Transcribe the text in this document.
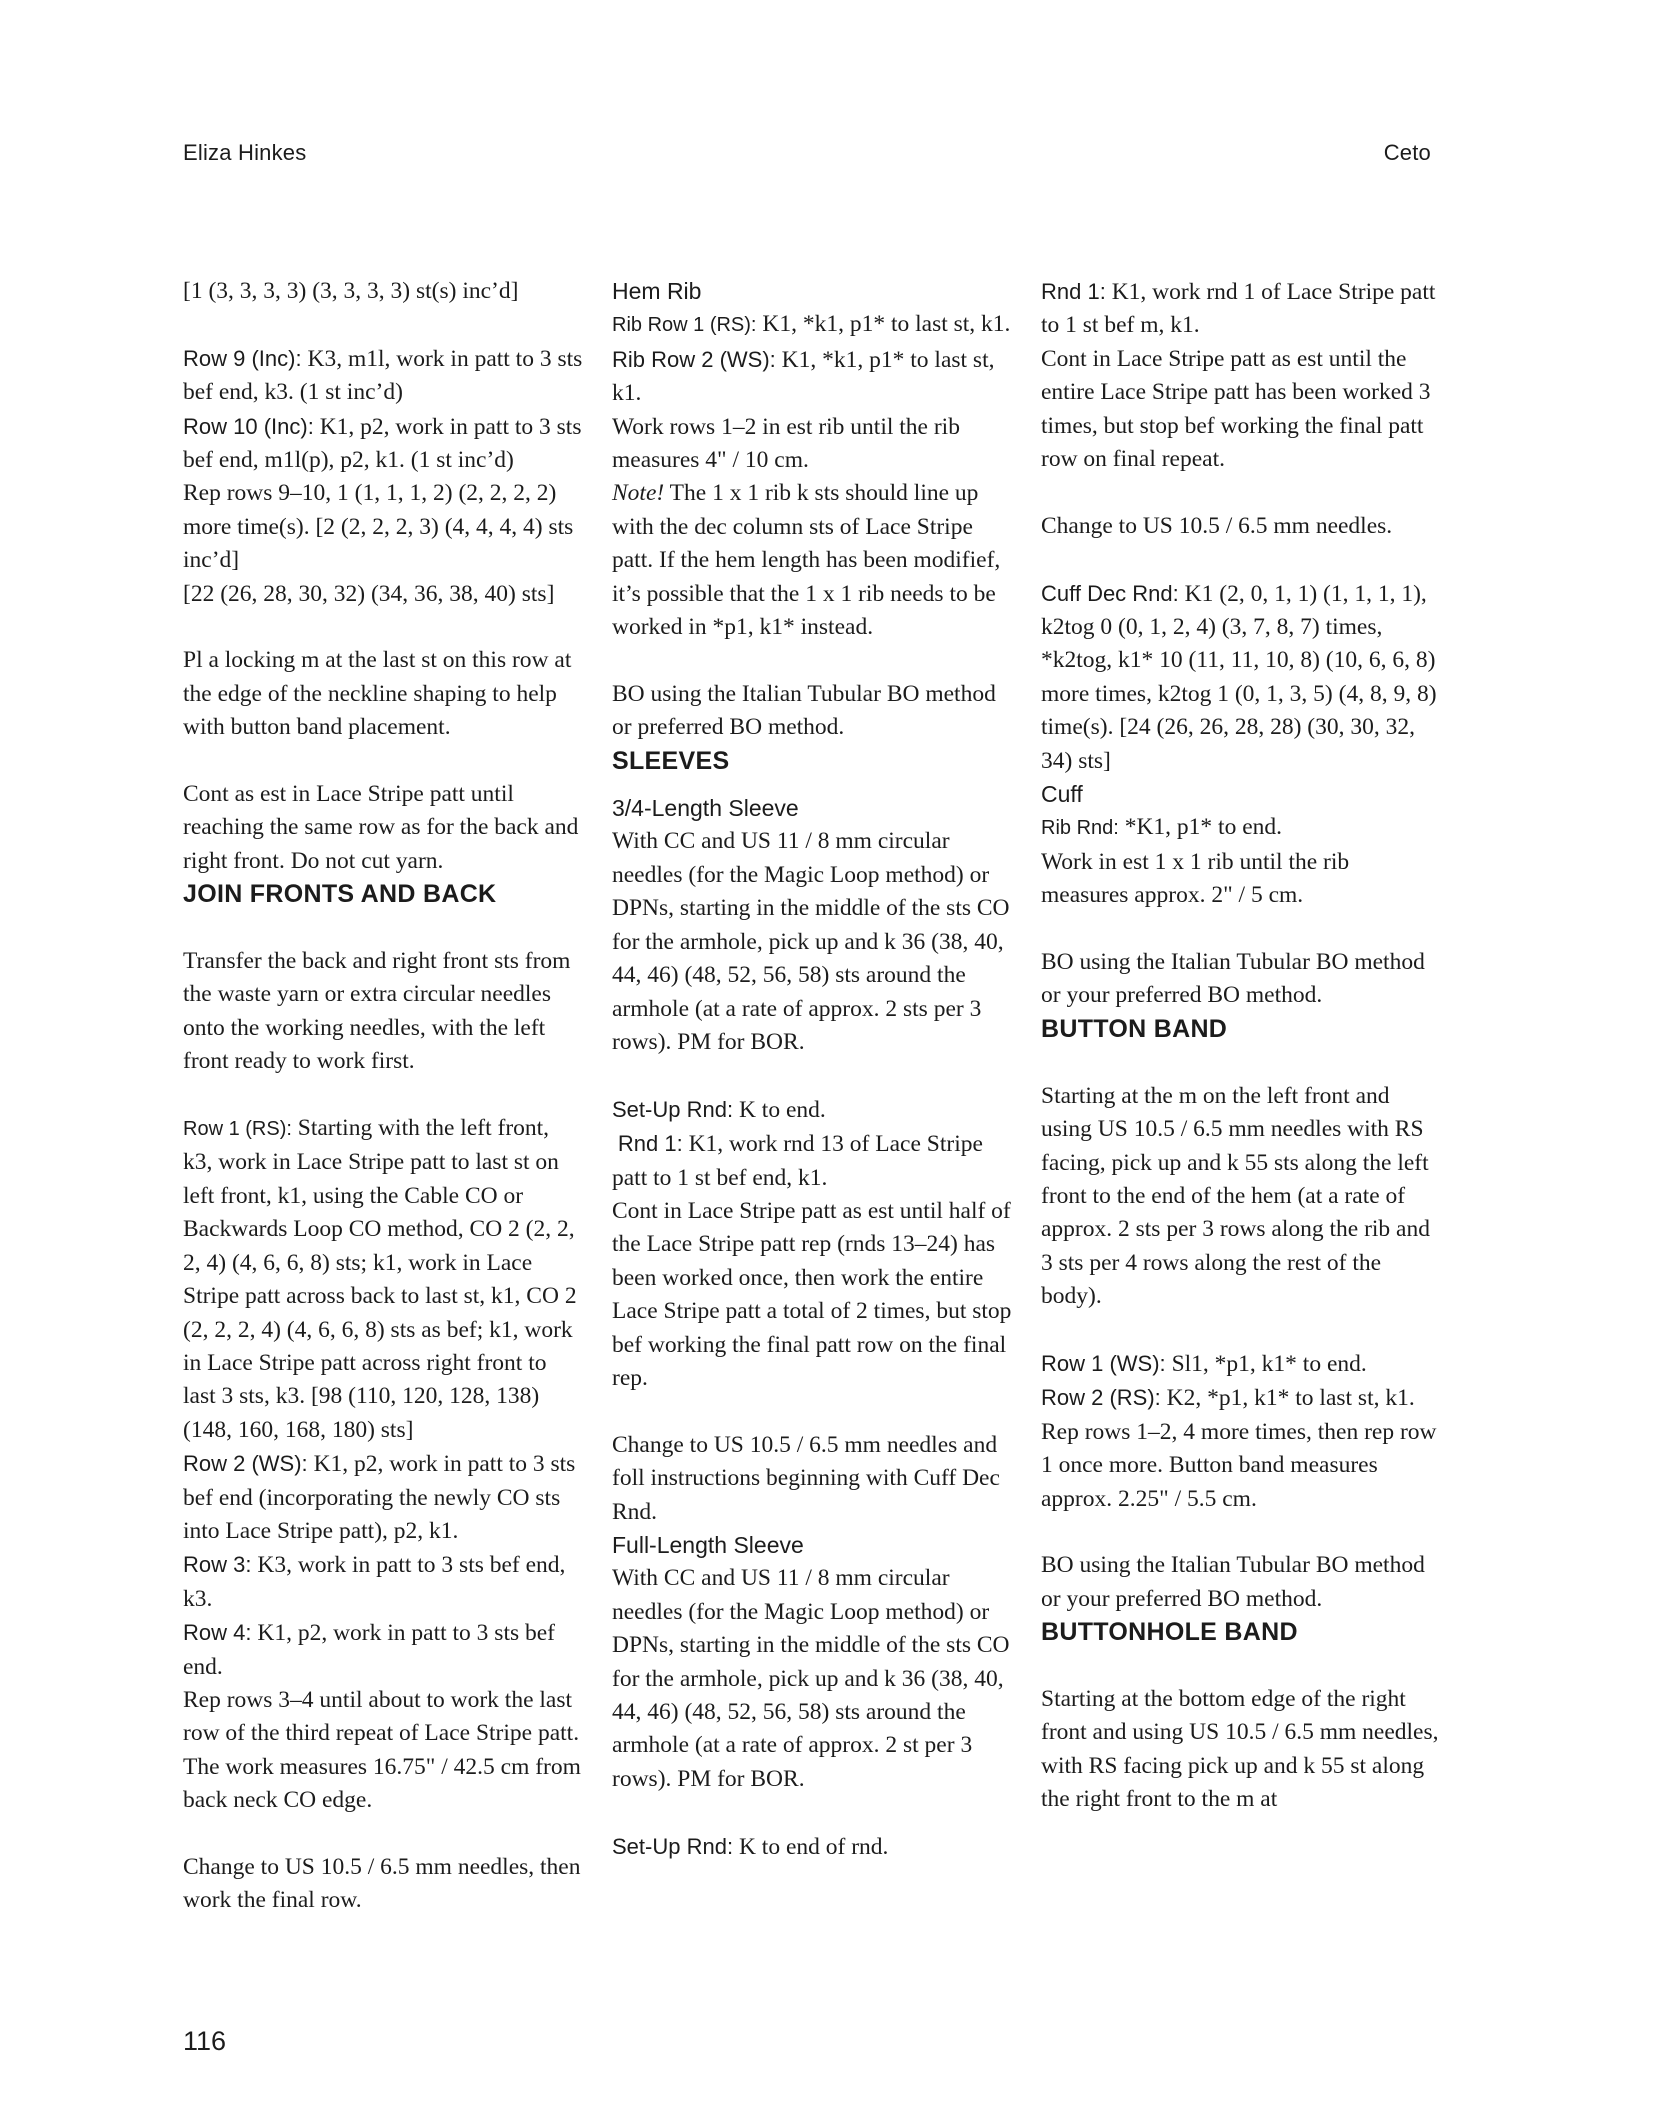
Eliza Hinkes	Ceto

[1 (3, 3, 3, 3) (3, 3, 3, 3) st(s) inc’d]

Row 9 (Inc): K3, m1l, work in patt to 3 sts bef end, k3. (1 st inc’d)

Row 10 (Inc): K1, p2, work in patt to 3 sts bef end, m1l(p), p2, k1. (1 st inc’d)

Rep rows 9–10, 1 (1, 1, 1, 2) (2, 2, 2, 2) more time(s). [2 (2, 2, 2, 3) (4, 4, 4, 4) sts inc’d]

[22 (26, 28, 30, 32) (34, 36, 38, 40) sts]

Pl a locking m at the last st on this row at the edge of the neckline shaping to help with button band placement.

Cont as est in Lace Stripe patt until reaching the same row as for the back and right front. Do not cut yarn.

JOIN FRONTS AND BACK

Transfer the back and right front sts from the waste yarn or extra circular needles onto the working needles, with the left front ready to work first.

Row 1 (RS): Starting with the left front, k3, work in Lace Stripe patt to last st on left front, k1, using the Cable CO or Backwards Loop CO method, CO 2 (2, 2, 2, 4) (4, 6, 6, 8) sts; k1, work in Lace Stripe patt across back to last st, k1, CO 2 (2, 2, 2, 4) (4, 6, 6, 8) sts as bef; k1, work in Lace Stripe patt across right front to last 3 sts, k3. [98 (110, 120, 128, 138) (148, 160, 168, 180) sts]

Row 2 (WS): K1, p2, work in patt to 3 sts bef end (incorporating the newly CO sts into Lace Stripe patt), p2, k1.

Row 3: K3, work in patt to 3 sts bef end, k3.

Row 4: K1, p2, work in patt to 3 sts bef end.

Rep rows 3–4 until about to work the last row of the third repeat of Lace Stripe patt. The work measures 16.75" / 42.5 cm from back neck CO edge.

Change to US 10.5 / 6.5 mm needles, then work the final row.

Hem Rib

Rib Row 1 (RS): K1, *k1, p1* to last st, k1.

Rib Row 2 (WS): K1, *k1, p1* to last st, k1.

Work rows 1–2 in est rib until the rib measures 4" / 10 cm.

Note! The 1 x 1 rib k sts should line up with the dec column sts of Lace Stripe patt. If the hem length has been modifief, it’s possible that the 1 x 1 rib needs to be worked in *p1, k1* instead.

BO using the Italian Tubular BO method or preferred BO method.

SLEEVES
3/4-Length Sleeve

With CC and US 11 / 8 mm circular needles (for the Magic Loop method) or DPNs, starting in the middle of the sts CO for the armhole, pick up and k 36 (38, 40, 44, 46) (48, 52, 56, 58) sts around the armhole (at a rate of approx. 2 sts per 3 rows). PM for BOR.

Set-Up Rnd: K to end.

Rnd 1: K1, work rnd 13 of Lace Stripe patt to 1 st bef end, k1.

Cont in Lace Stripe patt as est until half of the Lace Stripe patt rep (rnds 13–24) has been worked once, then work the entire Lace Stripe patt a total of 2 times, but stop bef working the final patt row on the final rep.

Change to US 10.5 / 6.5 mm needles and foll instructions beginning with Cuff Dec Rnd.

Full-Length Sleeve

With CC and US 11 / 8 mm circular needles (for the Magic Loop method) or DPNs, starting in the middle of the sts CO for the armhole, pick up and k 36 (38, 40, 44, 46) (48, 52, 56, 58) sts around the armhole (at a rate of approx. 2 st per 3 rows). PM for BOR.

Set-Up Rnd: K to end of rnd.

Rnd 1: K1, work rnd 1 of Lace Stripe patt to 1 st bef m, k1.

Cont in Lace Stripe patt as est until the entire Lace Stripe patt has been worked 3 times, but stop bef working the final patt row on final repeat.

Change to US 10.5 / 6.5 mm needles.

Cuff Dec Rnd: K1 (2, 0, 1, 1) (1, 1, 1, 1), k2tog 0 (0, 1, 2, 4) (3, 7, 8, 7) times, *k2tog, k1* 10 (11, 11, 10, 8) (10, 6, 6, 8) more times, k2tog 1 (0, 1, 3, 5) (4, 8, 9, 8) time(s). [24 (26, 26, 28, 28) (30, 30, 32, 34) sts]

Cuff

Rib Rnd: *K1, p1* to end.

Work in est 1 x 1 rib until the rib measures approx. 2" / 5 cm.

BO using the Italian Tubular BO method or your preferred BO method.

BUTTON BAND

Starting at the m on the left front and using US 10.5 / 6.5 mm needles with RS facing, pick up and k 55 sts along the left front to the end of the hem (at a rate of approx. 2 sts per 3 rows along the rib and 3 sts per 4 rows along the rest of the body).

Row 1 (WS): Sl1, *p1, k1* to end.

Row 2 (RS): K2, *p1, k1* to last st, k1.

Rep rows 1–2, 4 more times, then rep row 1 once more. Button band measures approx. 2.25" / 5.5 cm.

BO using the Italian Tubular BO method or your preferred BO method.

BUTTONHOLE BAND

Starting at the bottom edge of the right front and using US 10.5 / 6.5 mm needles, with RS facing pick up and k 55 st along the right front to the m at

116
